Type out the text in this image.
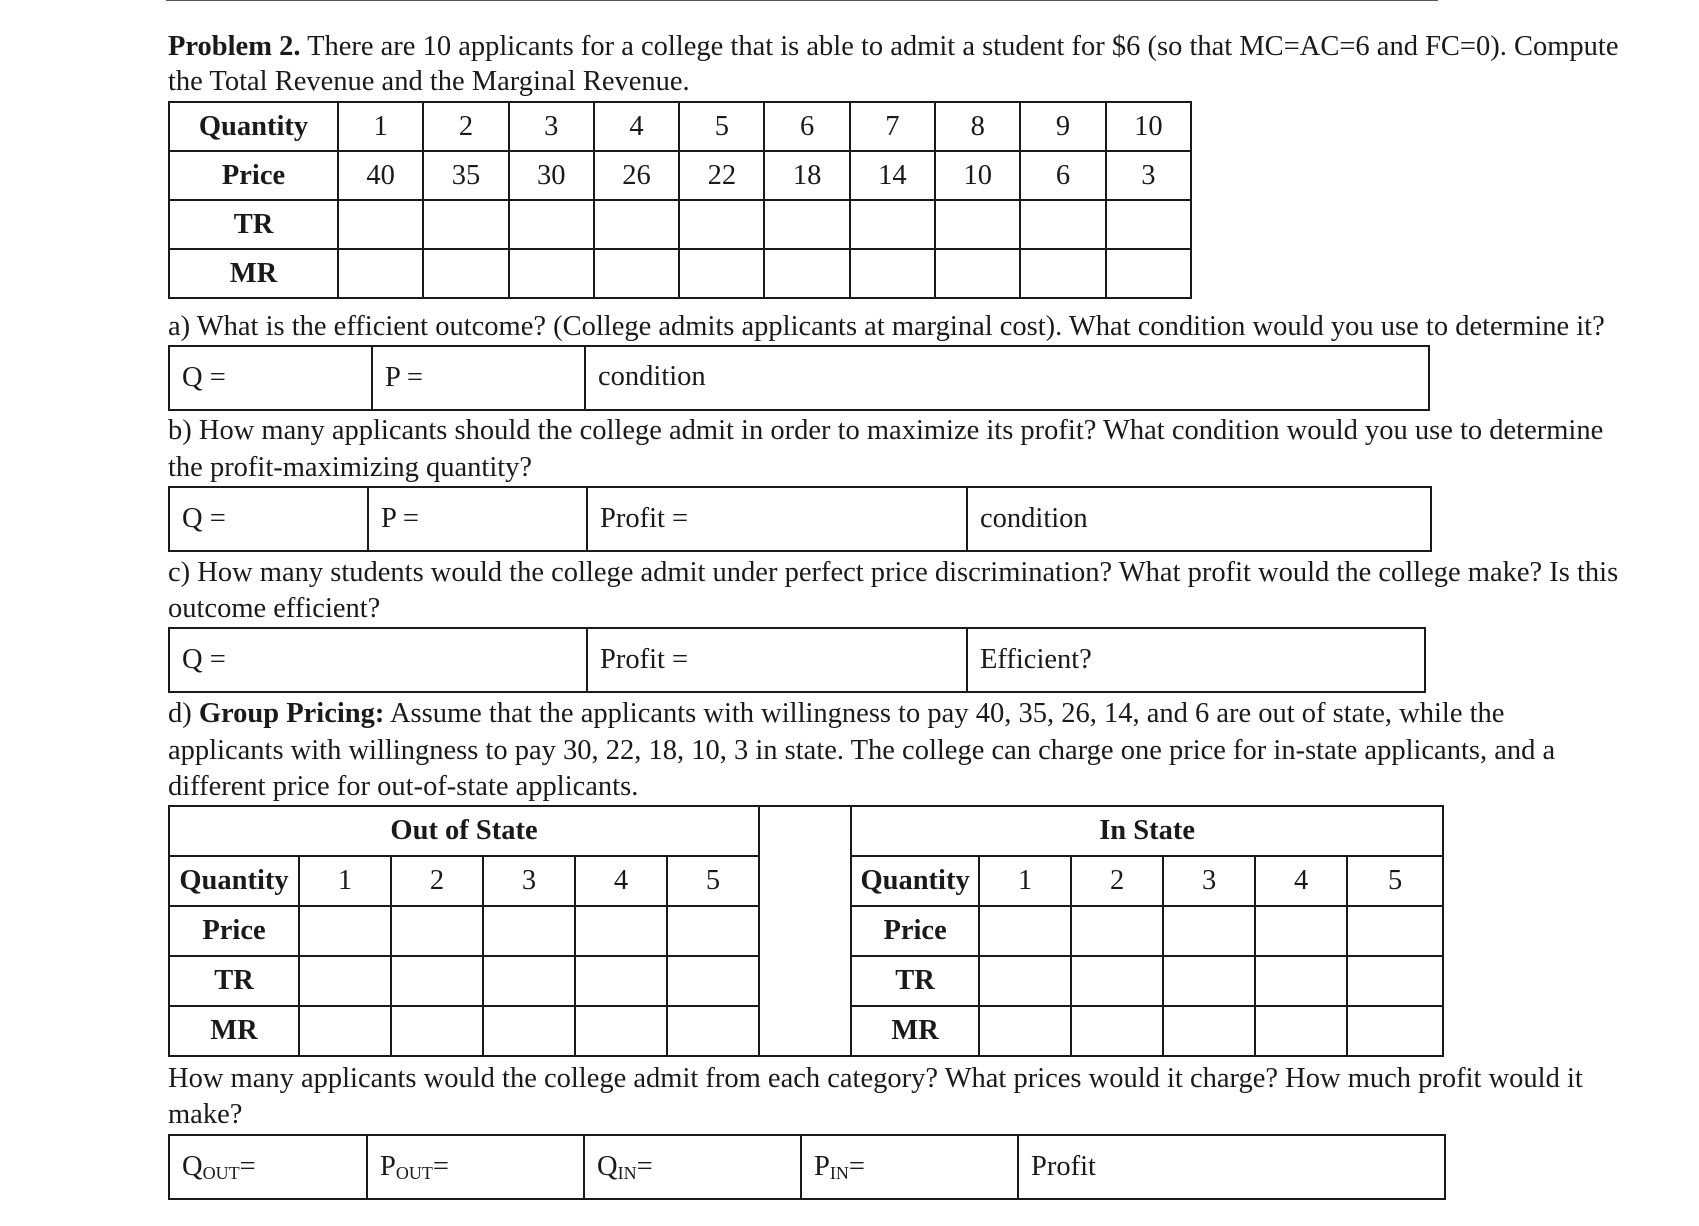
Problem 2. There are 10 applicants for a college that is able to admit a student for $6 (so that MC=AC=6 and FC=0). Compute
the Total Revenue and the Marginal Revenue.
Quantity	1	2	3	4	5	6	7	8	9	10
Price	40	35	30	26	22	18	14	10	6	3
TR										
MR										
a) What is the efficient outcome? (College admits applicants at marginal cost). What condition would you use to determine it?
Q =	P =	condition
b) How many applicants should the college admit in order to maximize its profit? What condition would you use to determine
the profit-maximizing quantity?
Q =	P =	Profit =	condition
c) How many students would the college admit under perfect price discrimination? What profit would the college make? Is this
outcome efficient?
Q =	Profit =	Efficient?
d) Group Pricing: Assume that the applicants with willingness to pay 40, 35, 26, 14, and 6 are out of state, while the
applicants with willingness to pay 30, 22, 18, 10, 3 in state. The college can charge one price for in-state applicants, and a
different price for out-of-state applicants.
Out of State							In State					
Quantity	1	2	3	4	5		Quantity	1	2	3	4	5
Price							Price					
TR							TR					
MR							MR					
How many applicants would the college admit from each category? What prices would it charge? How much profit would it
make?
Q OUT =	P OUT =	Q IN =	P IN =	Profit
